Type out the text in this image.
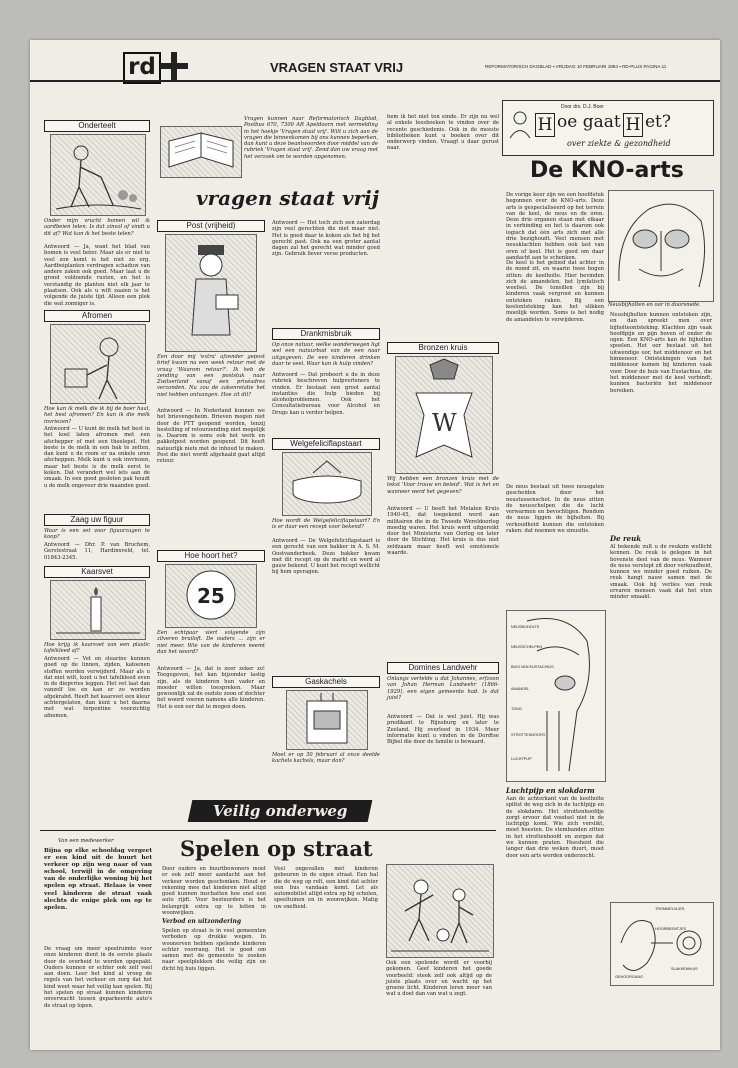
rd	VRAGEN STAAT VRIJ	REFORMATORISCH DAGBLAD ▪ VRIJDAG 10 FEBRUARI 1984 ▪ RD-PLUS PAGINA 11
Onderteelt
Onder mijn vrucht bomen wil ik aardbeien telen. Is dat zinvol of vindt u dit af? Wat kan ik het beste telen?
Antwoord — Ja, want het blad van bomen is veel beter. Maar als er niet te veel zon komt is het niet zo erg. Aardbeiplanten verdragen schaduw van andere zaken ook goed. Maar laat u de grond voldoende rusten, en het is verstandig de planten niet elk jaar te plaatsen. Ook als u wilt zaaien is het volgende de juiste tijd. Alleen een plek die wat zonniger is.
Afromen
Hoe kan ik melk die ik bij de boer haal, het best afromen? En kan ik die melk invriezen?
Antwoord — U kunt de melk het best in het koel laten afromen met een afschepper of met een theelepel. Het beste is de melk in een bak te zetten, dan kunt u de room er na enkele uren afscheppen. Melk kunt u ook invriezen, maar het beste is de melk eerst te koken. Dat verandert wel iets aan de smaak. In een goed gesloten pak houdt u de melk ongeveer drie maanden goed.
Zaag uw figuur
Waar is een set voor figuurzagen te koop?
Antwoord — Dhr. P. van Bruchem, Gerstestraat 11, Hardinxveld, tel. 01843-2345.
Kaarsvet
Hoe krijg ik kaarsvet van een plastic tafelkleed af?
Antwoord — Vet en stearine kunnen goed op de linnen, zijden, katoenen stoffen worden verwijderd. Maar als u dat niet wilt, kunt u het tafelkleed even in de diepvries leggen. Het vet laat dan vanzelf los en kan er zo worden afgekrabd. Heeft het kaarsvet een kleur achtergelaten, dan kunt u het daarna met wat terpentine voorzichtig afnemen.
Vragen kunnen naar Reformatorisch Dagblad, Postbus 670, 7300 AR Apeldoorn met vermelding in het hoekje 'Vragen staat vrij'. Wilt u zich aan de vragen die binnenkomen bij ons kunnen beperken, dan kunt u deze beantwoorden door middel van de rubriek 'Vragen staat vrij'. Zend dan uw vraag met het verzoek om te worden opgenomen.
vragen staat vrij
Post (vrijheid)
Een door mij 'extra' afzender gepost brief kwam na een week retour met de vraag 'Waarom retour?'. Ik heb de zending van een poststuk naar Zwitserland vanaf een privéadres verzonden. Nu zou de zakenrelatie het niet hebben ontvangen. Hoe zit dit?
Antwoord — In Nederland kunnen we het brievengeheim. Brieven mogen niet door de PTT geopend worden, tenzij bestelling of retourzending niet mogelijk is. Daarom is soms ook het werk en pakketpost worden geopend. Dit heeft natuurlijk niets met de inhoud te maken. Post die niet wordt afgehaald gaat altijd retour.
Hoe hoort het?
25
Een echtpaar viert volgende zijn zilveren bruiloft. De ouders ... zijn er niet meer. Wie van de kinderen neemt dan het woord?
Antwoord — Ja, dat is zeer zeker zo! Toegegeven, het kan bijzonder lastig zijn, als de kinderen hun vader en moeder willen toespreken. Maar gewoonlijk zal de oudste zoon of dochter het woord voeren namens alle kinderen. Het is een eer dat te mogen doen.
Antwoord — Het toch zich een zaterdag zijn veel gerechten die niet maar niet. Het is goed daar te koken als het bij het gerecht past. Ook na een groter aantal dagen zal het gerecht wat minder goed zijn. Gebruik liever verse producten.
Drankmisbruik
Op onze natuur, welke wanderwegen ligt wel een natuurbad van de een naar uitgegeven. De een kinderen drinken daar te veel. Waar kan ik hulp vinden?
Antwoord — Dat probeert u de in deze rubriek beschreven hulpverleners te vinden. Er bestaat een groot aantal instanties die hulp bieden bij alcoholproblemen. Ook het Consultatiebureau voor Alcohol en Drugs kan u verder helpen.
Welgefeliciflapstaart
Hoe wordt de Welgefeliciflapstaart? En is er daar een recept voor bekend?
Antwoord — De Welgefeliciflapstaart is een gerecht van een bakker in A. S. M. Oostvanderbeek. Deze bakker kwam met dit recept op de markt en werd al gauw bekend. U kunt het recept wellicht bij hem opvragen.
Gaskachels
Moet er op 30 februari al onze deelde kachels kachels, maar dan?
hem ik het niet ten einde. Er zijn nu wel al enkele leesboeken te vinden over de recente geschiedenis. Ook in de meeste bibliotheken kunt u boeken over dit onderwerp vinden. Vraagt u daar gerust naar.
Bronzen kruis
W
Wij hebben een bronzen kruis met de tekst 'Voor trouw en beleid'. Wat is het en wanneer werd het gegeven?
Antwoord — U heeft het Metalen Kruis 1940-45, dat toegekend werd aan militairen die in de Tweede Wereldoorlog moedig waren. Het kruis werd uitgereikt door het Ministerie van Oorlog en later door de Stichting. Het kruis is dus niet zeldzaam maar heeft wel emotionele waarde.
Domines Landwehr
Onlangs vertelde u dat Johannes, erfzoon van Johan Herman Landwehr (1866-1929), een eigen gemeente had. Is dat juist?
Antwoord — Dat is wel juist. Hij was predikant te Rijnsburg en later te Zeeland. Hij overleed in 1934. Meer informatie kunt u vinden in de Dordtse Bijbel die door de familie is bewaard.
Door drs. D.J. Boer
H oe gaat H et?
over ziekte & gezondheid
De KNO-arts
De vorige keer zijn we een hoofdstuk begonnen over de KNO-arts. Deze arts is gespecialiseerd op het terrein van de keel, de neus en de oren. Deze drie organen staan met elkaar in verbinding en het is daarom ook logisch dat één arts zich met alle drie bezighoudt. Veel mensen met neusklachten hebben ook last van oren of keel. Het is goed om daar aandacht aan te schenken.
De keel is het gebied dat achter in de mond zit, en waarin twee bogen zitten: de keelholte. Hier bevinden zich de amandelen, het lymfatisch weefsel. De tonsillen zijn bij kinderen vaak vergroot en kunnen ontstoken raken. Bij een keelontsteking kan het slikken moeilijk worden. Soms is het nodig de amandelen te verwijderen.
De neus bestaat uit twee neusgaten gescheiden door het neustussenschot. In de neus zitten de neusschelpen die de lucht verwarmen en bevochtigen. Rondom de neus liggen de bijholten. Bij verkoudheid kunnen die ontstoken raken: dat noemen we sinusitis.
Neusbijholten en oor in doorsnede.
Neusbijholten kunnen ontstoken zijn, en dan spreekt men over bijholteontsteking. Klachten zijn vaak hoofdpijn en pijn boven of onder de ogen. Een KNO-arts kan de bijholten spoelen. Het oor bestaat uit het uitwendige oor, het middenoor en het binnenoor. Ontstekingen van het middenoor komen bij kinderen vaak voor. Door de buis van Eustachius, die het middenoor met de keel verbindt, kunnen bacteriën het middenoor bereiken.
De reuk
Al bekende zult u de reukzin wellicht kennen. De reuk is gelegen in het bovenste deel van de neus. Wanneer de neus verstopt zit door verkoudheid, kunnen we minder goed ruiken. De reuk hangt nauw samen met de smaak. Ook bij verlies van reuk ervaren mensen vaak dat het eten minder smaakt.
NEUSBIJHOLTE
NEUSSCHELPEN
BUIS VAN EUSTACHIUS
AMANDEL
TONG
STROTTENHOOFD
LUCHTPIJP
Luchtpijp en slokdarm
Aan de achterkant van de keelholte splitst de weg zich in de luchtpijp en de slokdarm. Het strottenhoofdje zorgt ervoor dat voedsel niet in de luchtpijp komt. Wie zich verslikt, moet hoesten. De stembanden zitten in het strottenhoofd en zorgen dat we kunnen praten. Heesheid die langer dan drie weken duurt, moet door een arts worden onderzocht.
TROMMELVLIES
SLAKKENHUIS
HOORBEENTJES
GEHOORGANG
Veilig onderweg
Van een medewerker
Bijna op elke schooldag vergeet er een kind uit de buurt het verkeer op zijn weg naar of van school, terwijl in de omgeving van de onderlijke woning bij het spelen op straat. Helaas is voor veel kinderen de straat vaak slechts de enige plek om op te spelen.
De vraag om meer speelruimte voor onze kinderen dient in de eerste plaats door de overheid te worden opgepakt. Ouders kunnen er echter ook zelf veel aan doen. Leer het kind al vroeg de regels van het verkeer en zorg dat het kind weet waar het veilig kan spelen. Bij het spelen op straat kunnen kinderen onverwacht tussen geparkeerde auto's de straat op lopen.
Spelen op straat
Door ouders en buurtbewoners moet er ook zelf meer aandacht aan het verkeer worden geschonken. Houd er rekening mee dat kinderen niet altijd goed kunnen inschatten hoe snel een auto rijdt. Voor bestuurders is het belangrijk extra op te letten in woonwijken.
Verbod en uitzondering
Spelen op straat is in veel gemeenten verboden op drukke wegen. In woonerven hebben spelende kinderen echter voorrang. Het is goed om samen met de gemeente te zoeken naar speelplekken die veilig zijn en dicht bij huis liggen.
Veel ongevallen met kinderen gebeuren in de eigen straat. Een bal die de weg op rolt, een kind dat achter een bus vandaan komt. Let als automobilist altijd extra op bij scholen, speeltuinen en in woonwijken. Matig uw snelheid.
Ook een spelende wordt er voorbij gekomen. Geef kinderen het goede voorbeeld: steek zelf ook altijd op de juiste plaats over en wacht op het groene licht. Kinderen leren meer van wat u doet dan van wat u zegt.
